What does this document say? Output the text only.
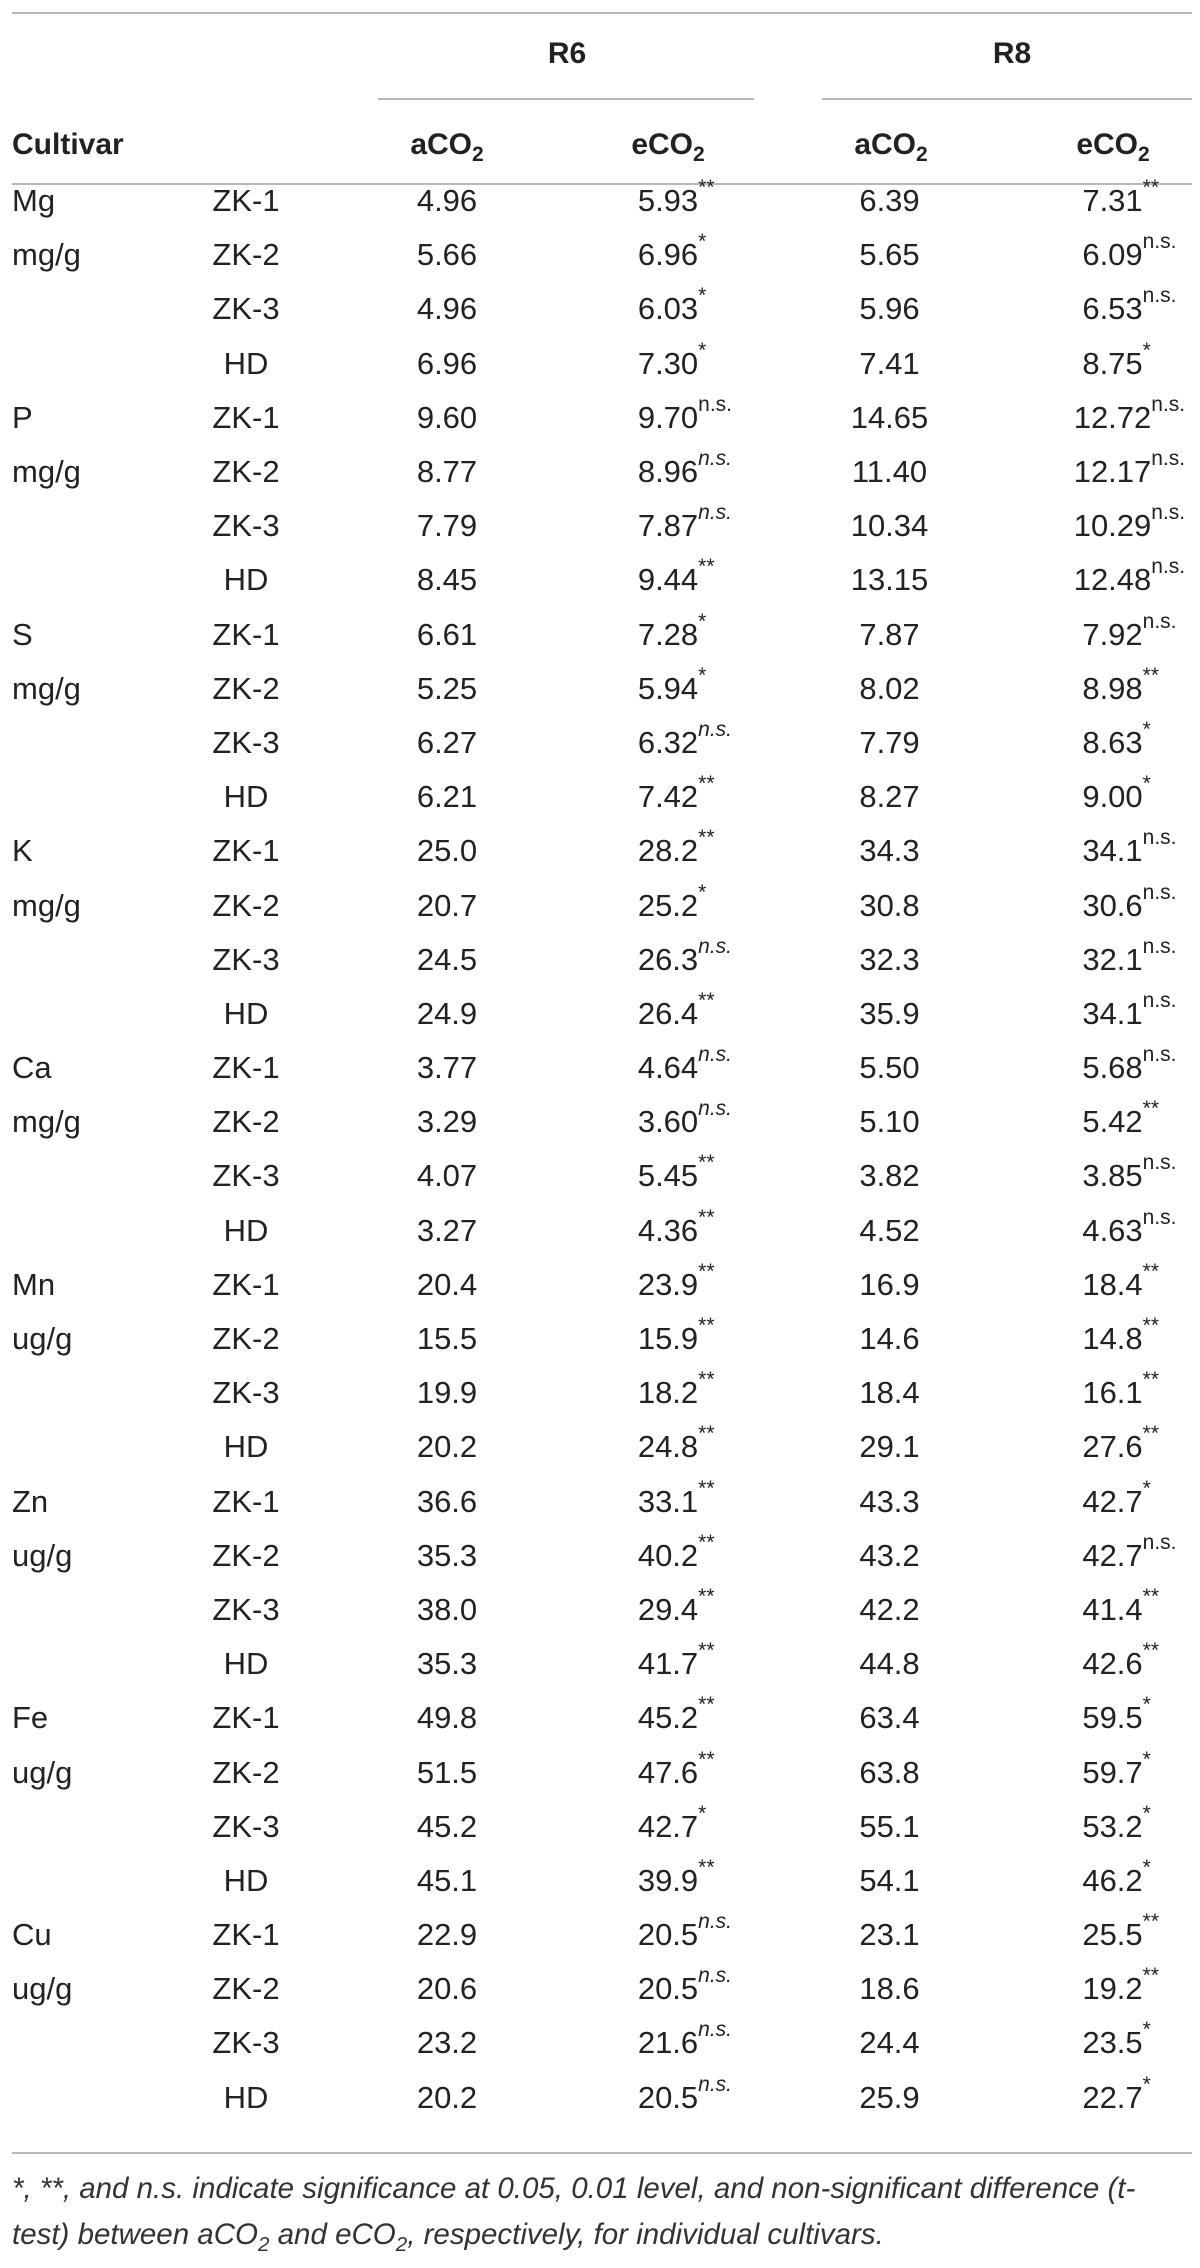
R6	R8
Cultivar	aCO$_2$	eCO$_2$	aCO$_2$	eCO$_2$
Mg	ZK-1	4.96	5.93 **	6.39	7.31 **

mg/g	ZK-2	5.66	6.96 *	5.65	6.09 n.s.

	ZK-3	4.96	6.03 *	5.96	6.53 n.s.

	HD	6.96	7.30 *	7.41	8.75 *

P	ZK-1	9.60	9.70 n.s.	14.65	12.72 n.s.

mg/g	ZK-2	8.77	8.96 n.s.	11.40	12.17 n.s.

	ZK-3	7.79	7.87 n.s.	10.34	10.29 n.s.

	HD	8.45	9.44 **	13.15	12.48 n.s.

S	ZK-1	6.61	7.28 *	7.87	7.92 n.s.

mg/g	ZK-2	5.25	5.94 *	8.02	8.98 **

	ZK-3	6.27	6.32 n.s.	7.79	8.63 *

	HD	6.21	7.42 **	8.27	9.00 *

K	ZK-1	25.0	28.2 **	34.3	34.1 n.s.

mg/g	ZK-2	20.7	25.2 *	30.8	30.6 n.s.

	ZK-3	24.5	26.3 n.s.	32.3	32.1 n.s.

	HD	24.9	26.4 **	35.9	34.1 n.s.

Ca	ZK-1	3.77	4.64 n.s.	5.50	5.68 n.s.

mg/g	ZK-2	3.29	3.60 n.s.	5.10	5.42 **

	ZK-3	4.07	5.45 **	3.82	3.85 n.s.

	HD	3.27	4.36 **	4.52	4.63 n.s.

Mn	ZK-1	20.4	23.9 **	16.9	18.4 **

ug/g	ZK-2	15.5	15.9 **	14.6	14.8 **

	ZK-3	19.9	18.2 **	18.4	16.1 **

	HD	20.2	24.8 **	29.1	27.6 **

Zn	ZK-1	36.6	33.1 **	43.3	42.7 *

ug/g	ZK-2	35.3	40.2 **	43.2	42.7 n.s.

	ZK-3	38.0	29.4 **	42.2	41.4 **

	HD	35.3	41.7 **	44.8	42.6 **

Fe	ZK-1	49.8	45.2 **	63.4	59.5 *

ug/g	ZK-2	51.5	47.6 **	63.8	59.7 *

	ZK-3	45.2	42.7 *	55.1	53.2 *

	HD	45.1	39.9 **	54.1	46.2 *

Cu	ZK-1	22.9	20.5 n.s.	23.1	25.5 **

ug/g	ZK-2	20.6	20.5 n.s.	18.6	19.2 **

	ZK-3	23.2	21.6 n.s.	24.4	23.5 *

	HD	20.2	20.5 n.s.	25.9	22.7 *
*, **, and n.s. indicate significance at 0.05, 0.01 level, and non-significant difference (t-test) between aCO$_2$ and eCO$_2$, respectively, for individual cultivars.
